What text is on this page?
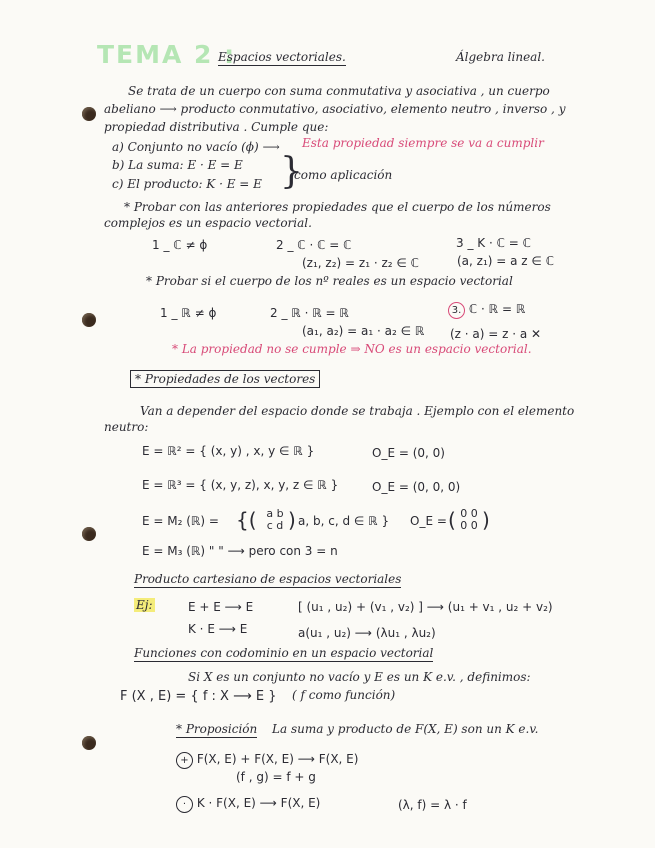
TEMA 2 :
Espacios vectoriales.	Álgebra lineal.
Se trata de un cuerpo con suma conmutativa y asociativa , un cuerpo
abeliano ⟶ producto conmutativo, asociativo, elemento neutro , inverso , y
propiedad distributiva . Cumple que:
a) Conjunto no vacío (ϕ) ⟶ Esta propiedad siempre se va a cumplir
b) La suma: E · E = E
c) El producto: K · E = E }
como aplicación
* Probar con las anteriores propiedades que el cuerpo de los números
complejos es un espacio vectorial.
1 _ ℂ ≠ ϕ	2 _ ℂ · ℂ = ℂ
(z₁, z₂) = z₁ · z₂ ∈ ℂ
3 _ K · ℂ = ℂ
(a, z₁) = a z ∈ ℂ
* Probar si el cuerpo de los nº reales es un espacio vectorial
1 _ ℝ ≠ ϕ	2 _ ℝ · ℝ = ℝ
(a₁, a₂) = a₁ · a₂ ∈ ℝ
3. ℂ · ℝ = ℝ
(z · a) = z · a ✕
* La propiedad no se cumple ⇒ NO es un espacio vectorial.
* Propiedades de los vectores
Van a depender del espacio donde se trabaja . Ejemplo con el elemento
neutro:
E = ℝ² = { (x, y) , x, y ∈ ℝ }	O_E = (0, 0)
E = ℝ³ = { (x, y, z), x, y, z ∈ ℝ }	O_E = (0, 0, 0)
E = M₂ (ℝ) = {( a b
c d ) a, b, c, d ∈ ℝ } O_E = ( 0 0
0 0 )
E = M₃ (ℝ) " " ⟶ pero con 3 = n
Producto cartesiano de espacios vectoriales
Ej:	E + E ⟶ E	[ (u₁ , u₂) + (v₁ , v₂) ] ⟶ (u₁ + v₁ , u₂ + v₂)
K · E ⟶ E	a(u₁ , u₂) ⟶ (λu₁ , λu₂)
Funciones con codominio en un espacio vectorial
Si X es un conjunto no vacío y E es un K e.v. , definimos:
F (X , E) = { f : X ⟶ E } ( f como función)
* Proposición La suma y producto de F(X, E) son un K e.v.
+ F(X, E) + F(X, E) ⟶ F(X, E)
(f , g) = f + g
· K · F(X, E) ⟶ F(X, E)	(λ, f) = λ · f
